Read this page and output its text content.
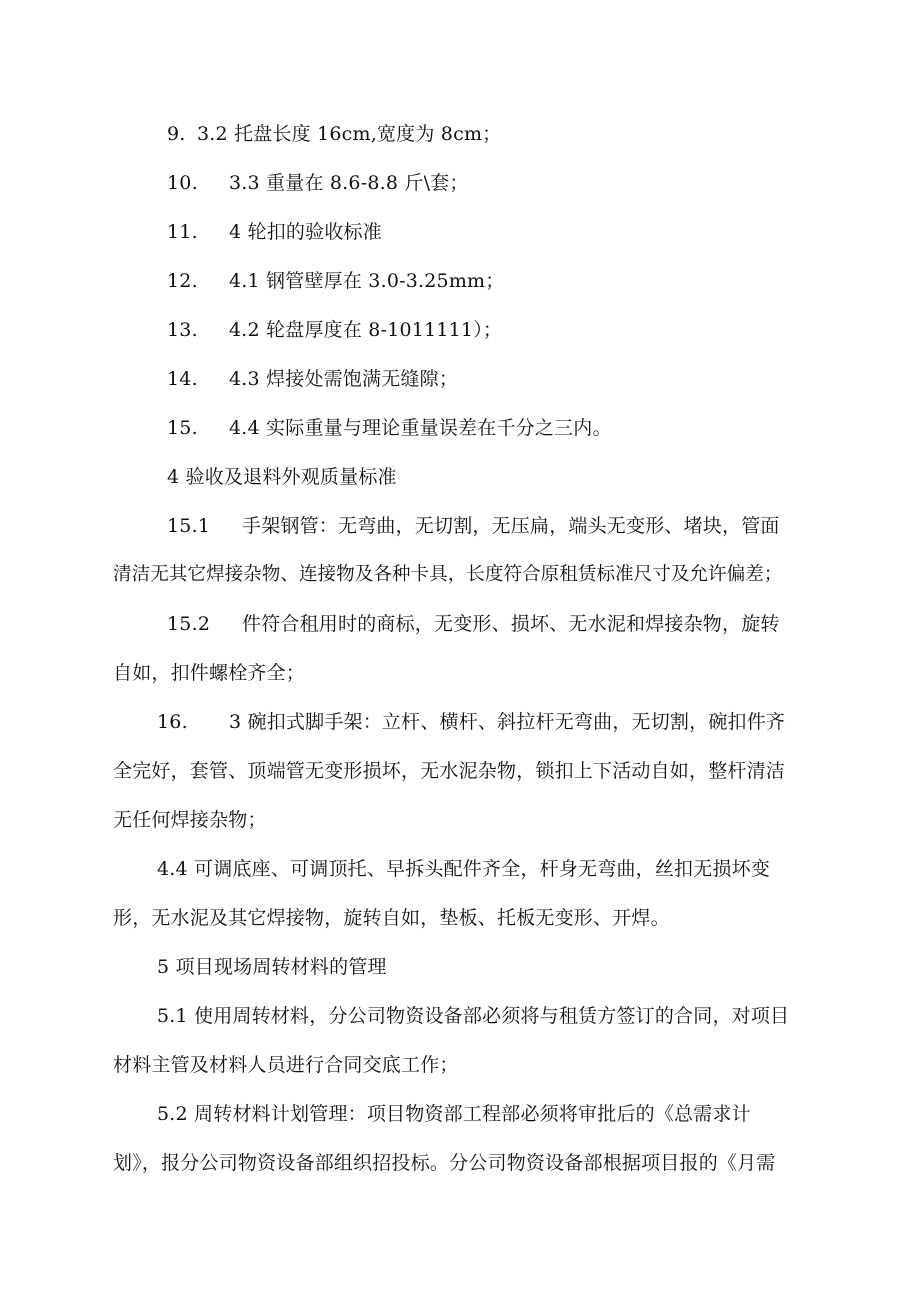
9. 3.2 托盘长度 16cm,宽度为 8cm；

10. 3.3 重量在 8.6-8.8 斤\套；

11. 4 轮扣的验收标准

12. 4.1 钢管壁厚在 3.0-3.25mm；

13. 4.2 轮盘厚度在 8-1011111）；

14. 4.3 焊接处需饱满无缝隙；

15. 4.4 实际重量与理论重量误差在千分之三内。

4 验收及退料外观质量标准

15.1 手架钢管：无弯曲，无切割，无压扁，端头无变形、堵块，管面

清洁无其它焊接杂物、连接物及各种卡具，长度符合原租赁标准尺寸及允许偏差；

15.2 件符合租用时的商标，无变形、损坏、无水泥和焊接杂物，旋转

自如，扣件螺栓齐全；

16. 3 碗扣式脚手架：立杆、横杆、斜拉杆无弯曲，无切割，碗扣件齐

全完好，套管、顶端管无变形损坏，无水泥杂物，锁扣上下活动自如，整杆清洁

无任何焊接杂物；

4.4 可调底座、可调顶托、早拆头配件齐全，杆身无弯曲，丝扣无损坏变

形，无水泥及其它焊接物，旋转自如，垫板、托板无变形、开焊。

5 项目现场周转材料的管理

5.1 使用周转材料，分公司物资设备部必须将与租赁方签订的合同，对项目

材料主管及材料人员进行合同交底工作；

5.2 周转材料计划管理：项目物资部工程部必须将审批后的《总需求计

划》，报分公司物资设备部组织招投标。分公司物资设备部根据项目报的《月需
